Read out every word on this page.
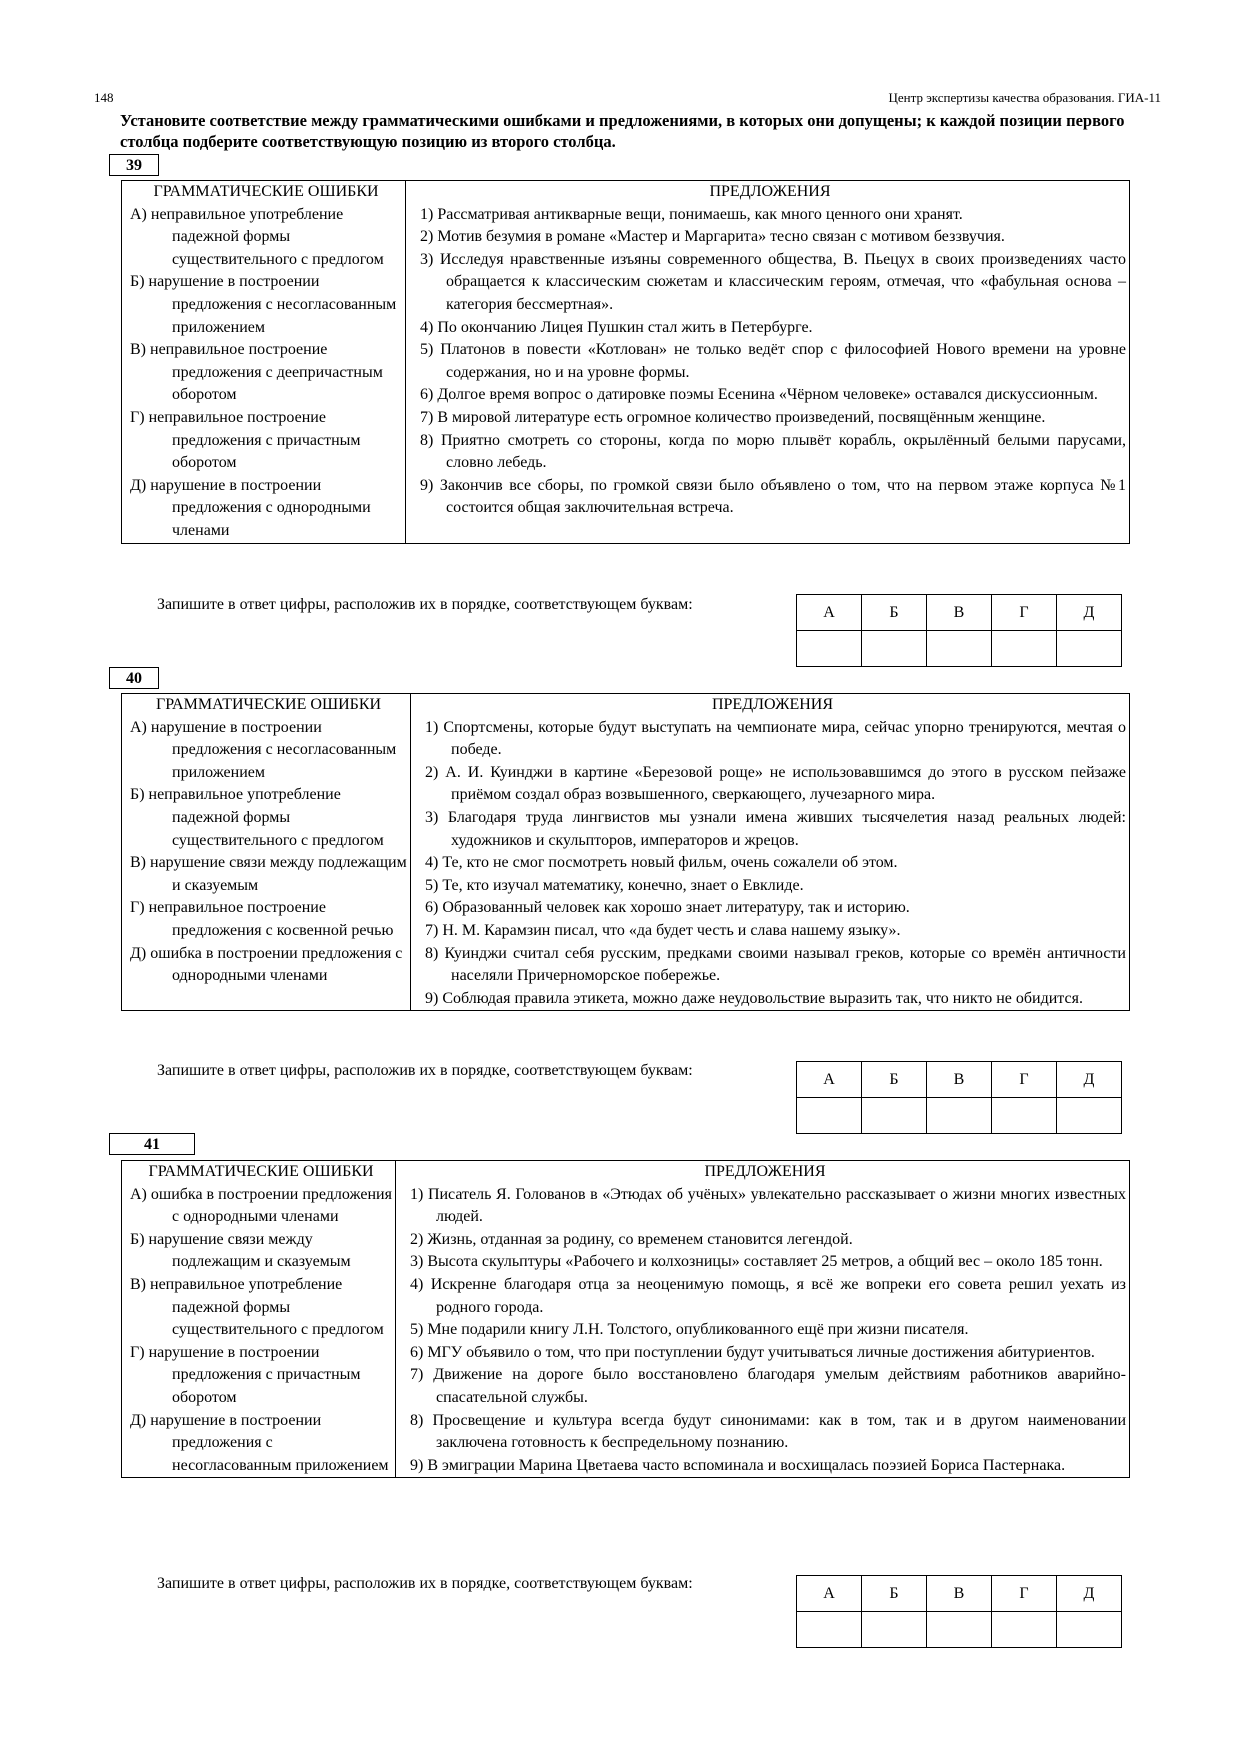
148	Центр экспертизы качества образования. ГИА-11
Установите соответствие между грамматическими ошибками и предложениями, в которых они допущены; к каждой позиции первого столбца подберите соответствующую позицию из второго столбца.
39
ГРАММАТИЧЕСКИЕ ОШИБКИ
А) неправильное употребление падежной формы существительного с предлогом
Б) нарушение в построении предложения с несогласованным приложением
В) неправильное построение предложения с деепричастным оборотом
Г) неправильное построение предложения с причастным оборотом
Д) нарушение в построении предложения с однородными членами

ПРЕДЛОЖЕНИЯ
1) Рассматривая антикварные вещи, понимаешь, как много ценного они хранят.
2) Мотив безумия в романе «Мастер и Маргарита» тесно связан с мотивом беззвучия.
3) Исследуя нравственные изъяны современного общества, В. Пьецух в своих произведениях часто обращается к классическим сюжетам и классическим героям, отмечая, что «фабульная основа – категория бессмертная».
4) По окончанию Лицея Пушкин стал жить в Петербурге.
5) Платонов в повести «Котлован» не только ведёт спор с философией Нового времени на уровне содержания, но и на уровне формы.
6) Долгое время вопрос о датировке поэмы Есенина «Чёрном человеке» оставался дискуссионным.
7) В мировой литературе есть огромное количество произведений, посвящённым женщине.
8) Приятно смотреть со стороны, когда по морю плывёт корабль, окрылённый белыми парусами, словно лебедь.
9) Закончив все сборы, по громкой связи было объявлено о том, что на первом этаже корпуса №1 состоится общая заключительная встреча.
Запишите в ответ цифры, расположив их в порядке, соответствующем буквам:	А	Б	В	Г	Д

40
ГРАММАТИЧЕСКИЕ ОШИБКИ
А) нарушение в построении предложения с несогласованным приложением
Б) неправильное употребление падежной формы существительного с предлогом
В) нарушение связи между подлежащим и сказуемым
Г) неправильное построение предложения с косвенной речью
Д) ошибка в построении предложения с однородными членами

ПРЕДЛОЖЕНИЯ
1) Спортсмены, которые будут выступать на чемпионате мира, сейчас упорно тренируются, мечтая о победе.
2) А. И. Куинджи в картине «Березовой роще» не использовавшимся до этого в русском пейзаже приёмом создал образ возвышенного, сверкающего, лучезарного мира.
3) Благодаря труда лингвистов мы узнали имена живших тысячелетия назад реальных людей: художников и скульпторов, императоров и жрецов.
4) Те, кто не смог посмотреть новый фильм, очень сожалели об этом.
5) Те, кто изучал математику, конечно, знает о Евклиде.
6) Образованный человек как хорошо знает литературу, так и историю.
7) Н. М. Карамзин писал, что «да будет честь и слава нашему языку».
8) Куинджи считал себя русским, предками своими называл греков, которые со времён античности населяли Причерноморское побережье.
9) Соблюдая правила этикета, можно даже неудовольствие выразить так, что никто не обидится.
Запишите в ответ цифры, расположив их в порядке, соответствующем буквам:	А	Б	В	Г	Д

41
ГРАММАТИЧЕСКИЕ ОШИБКИ
А) ошибка в построении предложения с однородными членами
Б) нарушение связи между подлежащим и сказуемым
В) неправильное употребление падежной формы существительного с предлогом
Г) нарушение в построении предложения с причастным оборотом
Д) нарушение в построении предложения с несогласованным приложением

ПРЕДЛОЖЕНИЯ
1) Писатель Я. Голованов в «Этюдах об учёных» увлекательно рассказывает о жизни многих известных людей.
2) Жизнь, отданная за родину, со временем становится легендой.
3) Высота скульптуры «Рабочего и колхозницы» составляет 25 метров, а общий вес – около 185 тонн.
4) Искренне благодаря отца за неоценимую помощь, я всё же вопреки его совета решил уехать из родного города.
5) Мне подарили книгу Л.Н. Толстого, опубликованного ещё при жизни писателя.
6) МГУ объявило о том, что при поступлении будут учитываться личные достижения абитуриентов.
7) Движение на дороге было восстановлено благодаря умелым действиям работников аварийно-спасательной службы.
8) Просвещение и культура всегда будут синонимами: как в том, так и в другом наименовании заключена готовность к беспредельному познанию.
9) В эмиграции Марина Цветаева часто вспоминала и восхищалась поэзией Бориса Пастернака.
Запишите в ответ цифры, расположив их в порядке, соответствующем буквам:
А	Б	В	Г	Д
